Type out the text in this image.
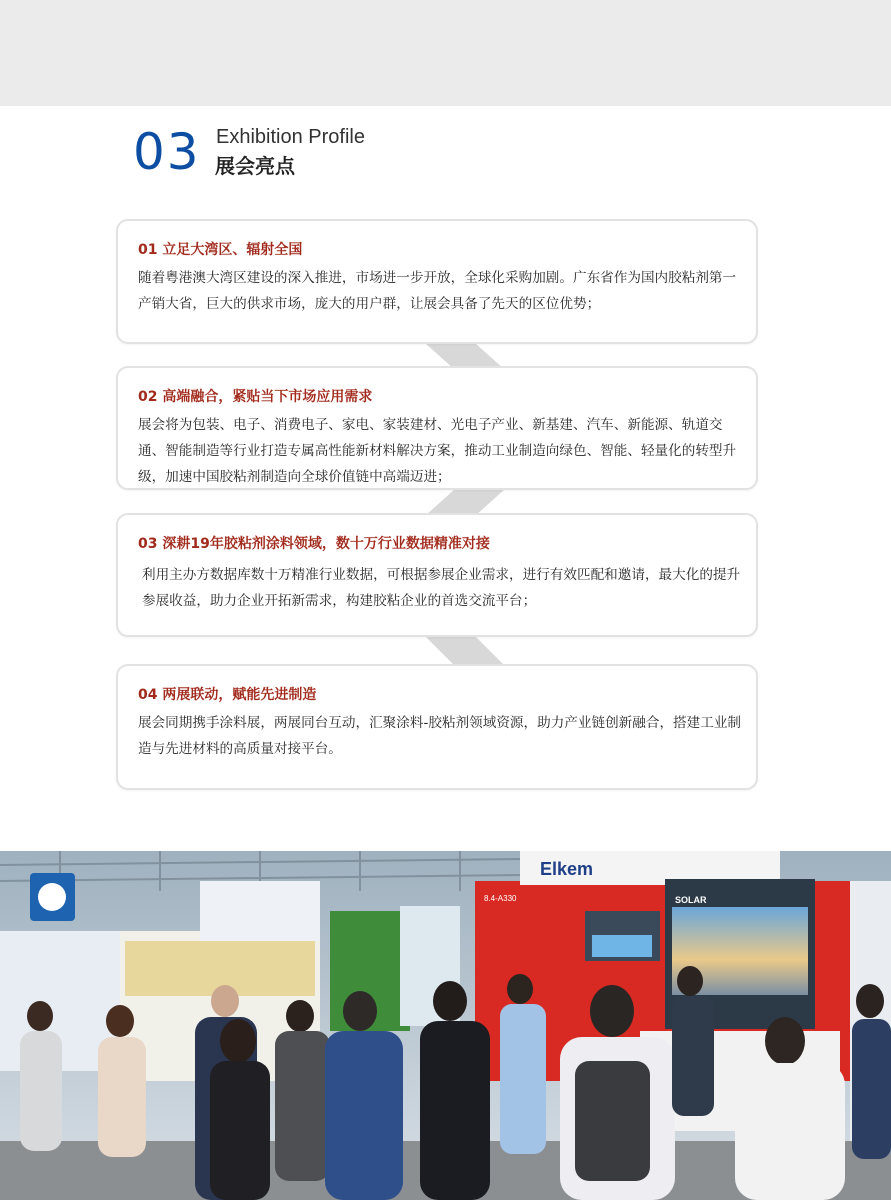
03 Exhibition Profile
展会亮点
01 立足大湾区、辐射全国
随着粤港澳大湾区建设的深入推进，市场进一步开放，全球化采购加剧。广东省作为国内胶粘剂第一产销大省，巨大的供求市场，庞大的用户群，让展会具备了先天的区位优势；
02 高端融合，紧贴当下市场应用需求
展会将为包装、电子、消费电子、家电、家装建材、光电子产业、新基建、汽车、新能源、轨道交通、智能制造等行业打造专属高性能新材料解决方案，推动工业制造向绿色、智能、轻量化的转型升级，加速中国胶粘剂制造向全球价值链中高端迈进；
03 深耕19年胶粘剂涂料领域，数十万行业数据精准对接
利用主办方数据库数十万精准行业数据，可根据参展企业需求，进行有效匹配和邀请，最大化的提升参展收益，助力企业开拓新需求，构建胶粘企业的首选交流平台；
04 两展联动，赋能先进制造
展会同期携手涂料展，两展同台互动，汇聚涂料-胶粘剂领域资源，助力产业链创新融合，搭建工业制造与先进材料的高质量对接平台。
Elkem
SOLAR
8.4-A330
